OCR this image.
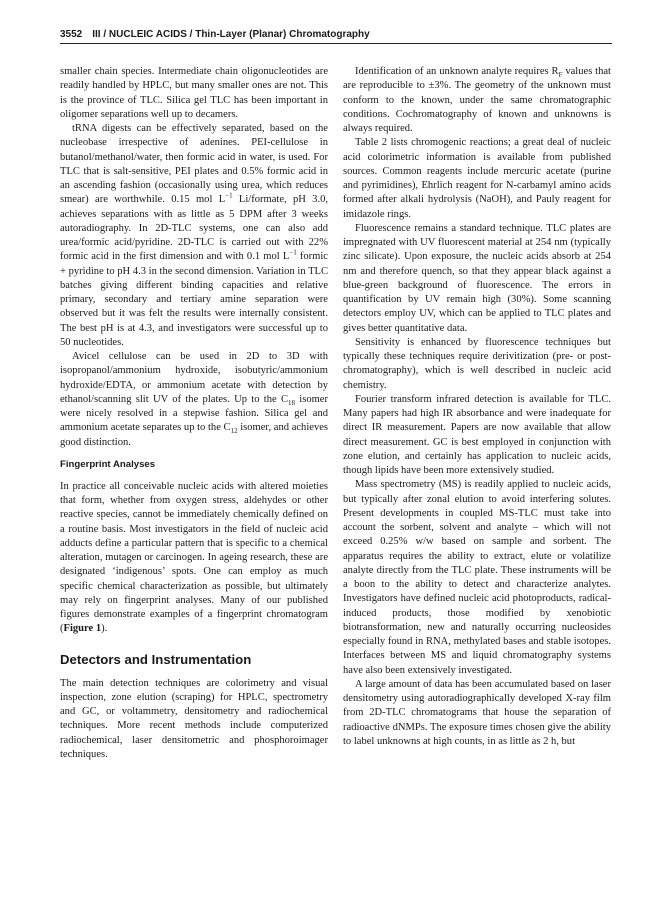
3552 III / NUCLEIC ACIDS / Thin-Layer (Planar) Chromatography

smaller chain species. Intermediate chain oligonucleotides are readily handled by HPLC, but many smaller ones are not. This is the province of TLC. Silica gel TLC has been important in oligomer separations well up to decamers.

tRNA digests can be effectively separated, based on the nucleobase irrespective of adenines. PEI-cellulose in butanol/methanol/water, then formic acid in water, is used. For TLC that is salt-sensitive, PEI plates and 0.5% formic acid in an ascending fashion (occasionally using urea, which reduces smear) are worthwhile. 0.15 mol $L^{-1}$ Li/formate, pH 3.0, achieves separations with as little as 5 DPM after 3 weeks autoradiography. In 2D-TLC systems, one can also add urea/formic acid/pyridine. 2D-TLC is carried out with 22% formic acid in the first dimension and with 0.1 mol $L^{-1}$ formic + pyridine to pH 4.3 in the second dimension. Variation in TLC batches giving different binding capacities and relative primary, secondary and tertiary amine separation were observed but it was felt the results were internally consistent. The best pH is at 4.3, and investigators were successful up to 50 nucleotides.

Avicel cellulose can be used in 2D to 3D with isopropanol/ammonium hydroxide, isobutyric/ammonium hydroxide/EDTA, or ammonium acetate with detection by ethanol/scanning slit UV of the plates. Up to the $C_{18}$ isomer were nicely resolved in a stepwise fashion. Silica gel and ammonium acetate separates up to the $C_{12}$ isomer, and achieves good distinction.

Fingerprint Analyses

In practice all conceivable nucleic acids with altered moieties that form, whether from oxygen stress, aldehydes or other reactive species, cannot be immediately chemically defined on a routine basis. Most investigators in the field of nucleic acid adducts define a particular pattern that is specific to a chemical alteration, mutagen or carcinogen. In ageing research, these are designated ‘indigenous’ spots. One can employ as much specific chemical characterization as possible, but ultimately may rely on fingerprint analyses. Many of our published figures demonstrate examples of a fingerprint chromatogram (Figure 1).

Detectors and Instrumentation

The main detection techniques are colorimetry and visual inspection, zone elution (scraping) for HPLC, spectrometry and GC, or voltammetry, densitometry and radiochemical techniques. More recent methods include computerized radiochemical, laser densitometric and phosphoroimager techniques.

Identification of an unknown analyte requires $R_F$ values that are reproducible to ±3%. The geometry of the unknown must conform to the known, under the same chromatographic conditions. Cochromatography of known and unknowns is always required.

Table 2 lists chromogenic reactions; a great deal of nucleic acid colorimetric information is available from published sources. Common reagents include mercuric acetate (purine and pyrimidines), Ehrlich reagent for N-carbamyl amino acids formed after alkali hydrolysis (NaOH), and Pauly reagent for imidazole rings.

Fluorescence remains a standard technique. TLC plates are impregnated with UV fluorescent material at 254 nm (typically zinc silicate). Upon exposure, the nucleic acids absorb at 254 nm and therefore quench, so that they appear black against a blue-green background of fluorescence. The errors in quantification by UV remain high (30%). Some scanning detectors employ UV, which can be applied to TLC plates and gives better quantitative data.

Sensitivity is enhanced by fluorescence techniques but typically these techniques require derivitization (pre- or post-chromatography), which is well described in nucleic acid chemistry.

Fourier transform infrared detection is available for TLC. Many papers had high IR absorbance and were inadequate for direct IR measurement. Papers are now available that allow direct measurement. GC is best employed in conjunction with zone elution, and certainly has application to nucleic acids, though lipids have been more extensively studied.

Mass spectrometry (MS) is readily applied to nucleic acids, but typically after zonal elution to avoid interfering solutes. Present developments in coupled MS-TLC must take into account the sorbent, solvent and analyte – which will not exceed 0.25% w/w based on sample and sorbent. The apparatus requires the ability to extract, elute or volatilize analyte directly from the TLC plate. These instruments will be a boon to the ability to detect and characterize analytes. Investigators have defined nucleic acid photoproducts, radical-induced products, those modified by xenobiotic biotransformation, new and naturally occurring nucleosides especially found in RNA, methylated bases and stable isotopes. Interfaces between MS and liquid chromatography systems have also been extensively investigated.

A large amount of data has been accumulated based on laser densitometry using autoradiographically developed X-ray film from 2D-TLC chromatograms that house the separation of radioactive dNMPs. The exposure times chosen give the ability to label unknowns at high counts, in as little as 2 h, but
